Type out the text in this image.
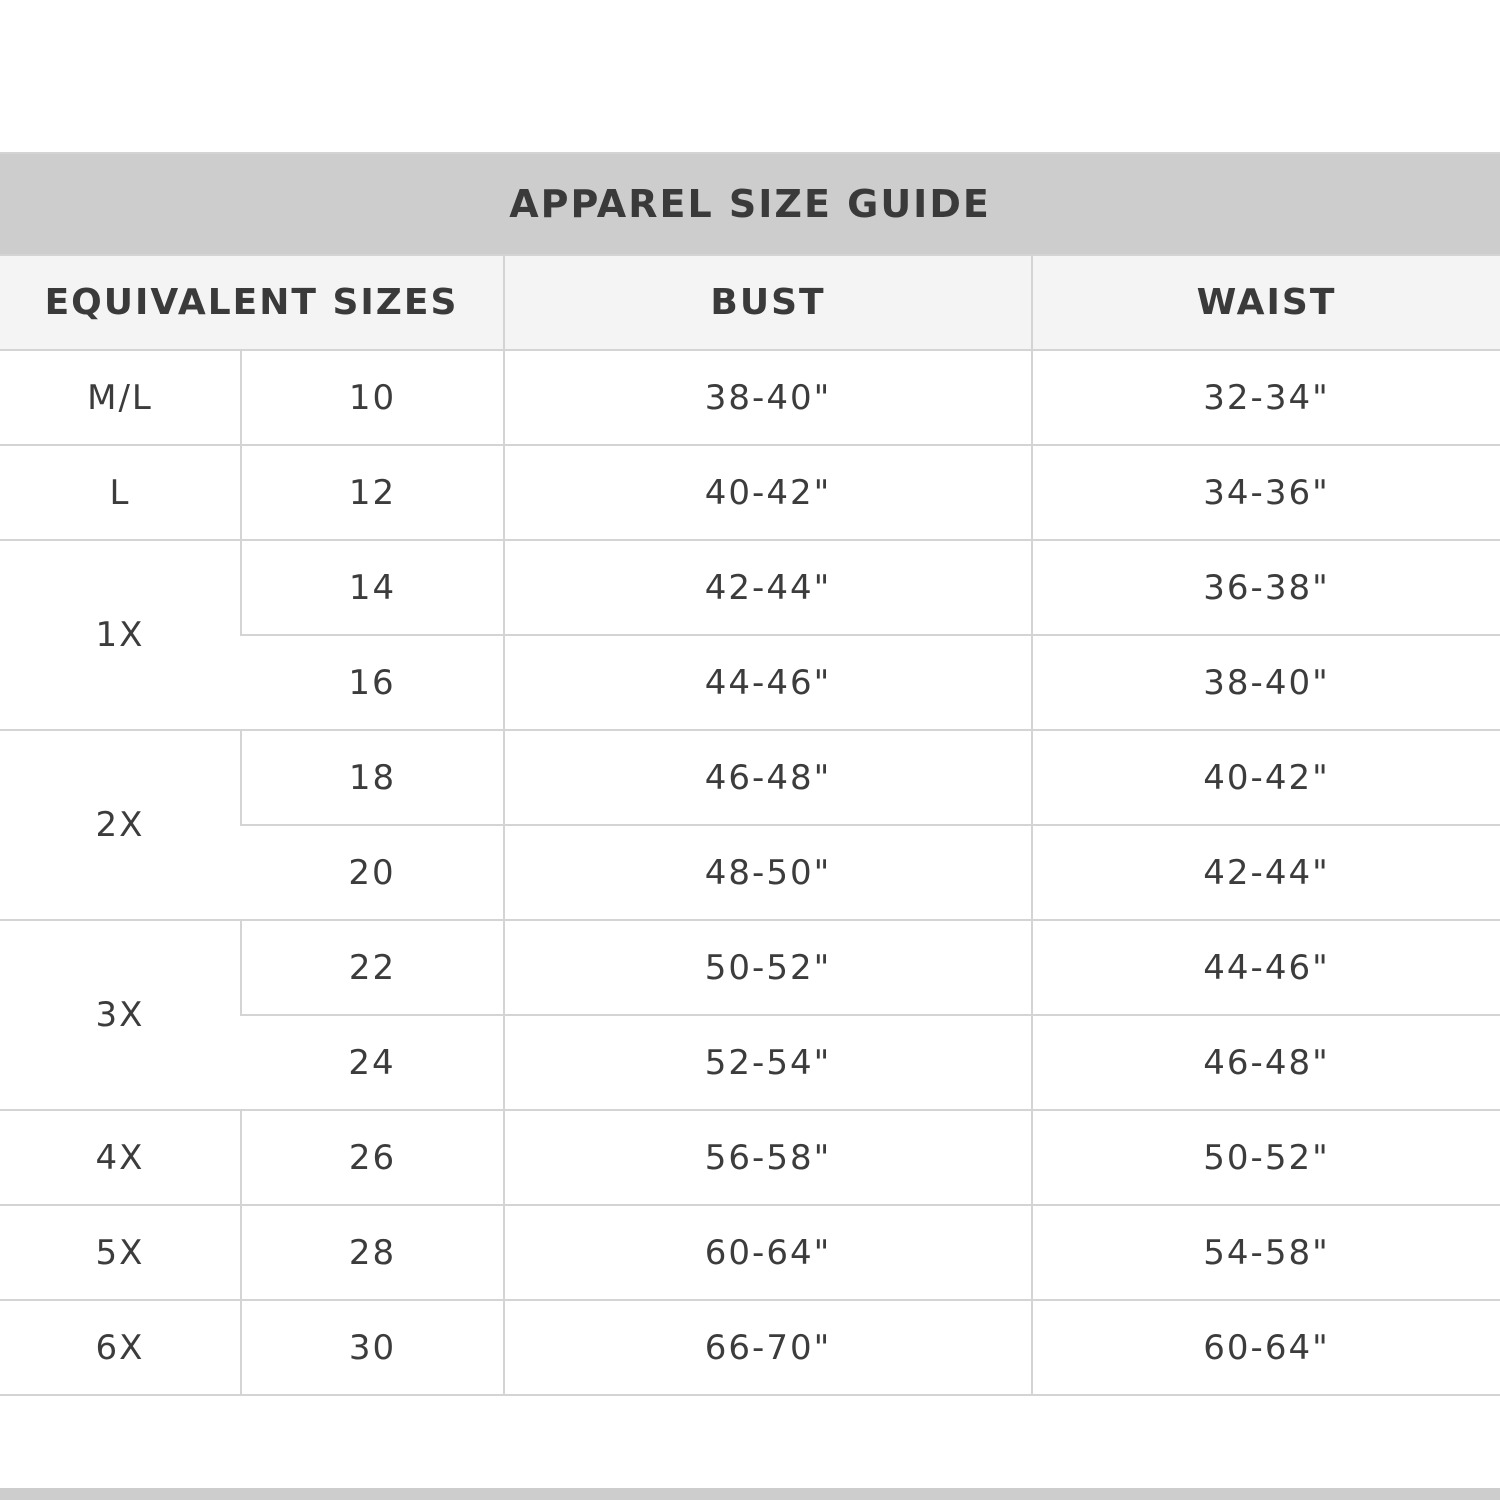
APPAREL SIZE GUIDE			
EQUIVALENT SIZES		BUST	WAIST
M/L	10	38-40"	32-34"
L	12	40-42"	34-36"
1X	14	42-44"	36-38"
	16	44-46"	38-40"
2X	18	46-48"	40-42"
	20	48-50"	42-44"
3X	22	50-52"	44-46"
	24	52-54"	46-48"
4X	26	56-58"	50-52"
5X	28	60-64"	54-58"
6X	30	66-70"	60-64"
